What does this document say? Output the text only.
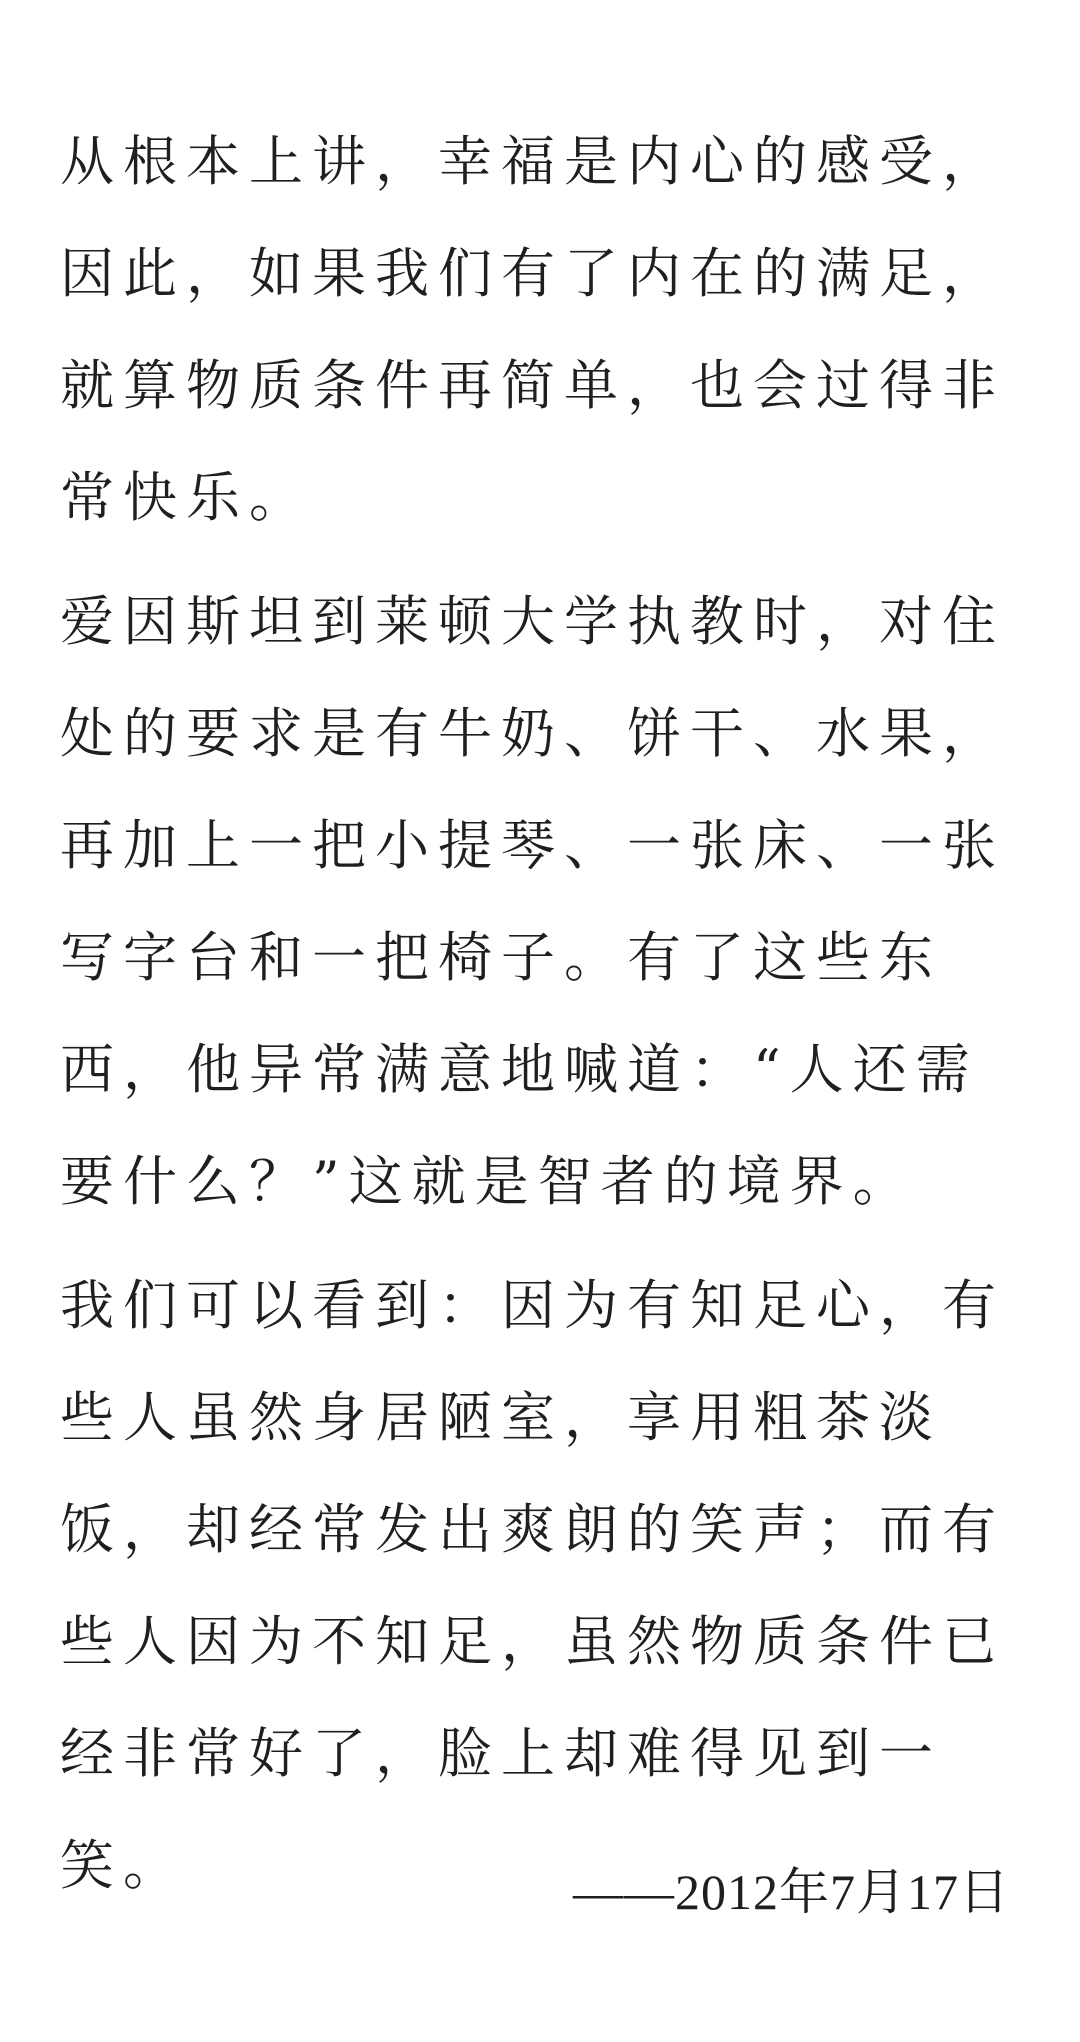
从根本上讲，幸福是内心的感受，
因此，如果我们有了内在的满足，
就算物质条件再简单，也会过得非
常快乐。
爱因斯坦到莱顿大学执教时，对住
处的要求是有牛奶、饼干、水果，
再加上一把小提琴、一张床、一张
写字台和一把椅子。有了这些东
西，他异常满意地喊道：“人还需
要什么？”这就是智者的境界。
我们可以看到：因为有知足心，有
些人虽然身居陋室，享用粗茶淡
饭，却经常发出爽朗的笑声；而有
些人因为不知足，虽然物质条件已
经非常好了，脸上却难得见到一
笑。	——2012年7月17日
